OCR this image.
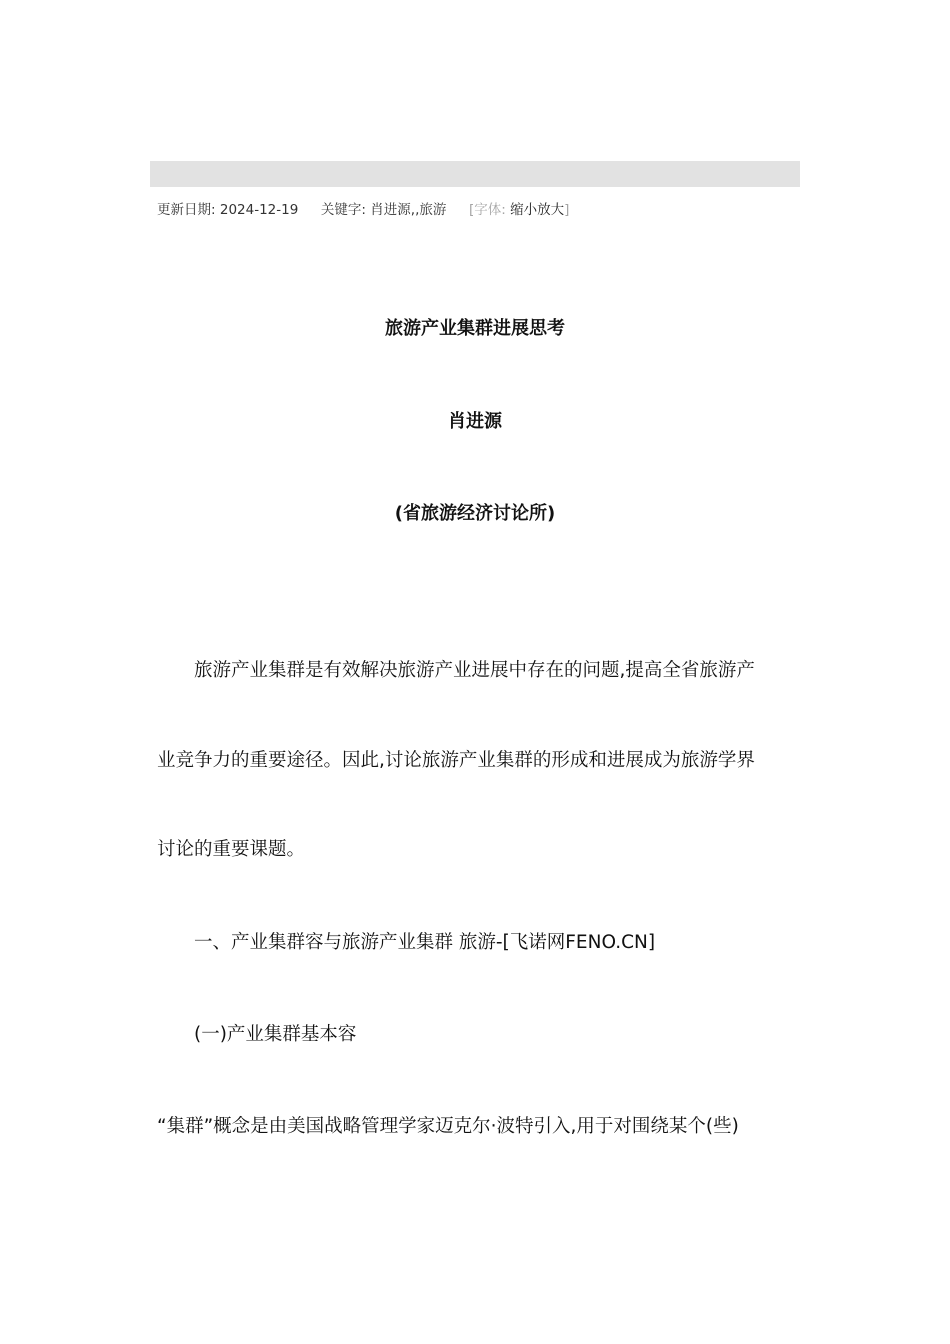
更新日期: 2024-12-19 关键字: 肖进源,,旅游 [字体: 缩小放大]
旅游产业集群进展思考
肖进源
(省旅游经济讨论所)
旅游产业集群是有效解决旅游产业进展中存在的问题,提高全省旅游产
业竞争力的重要途径。因此,讨论旅游产业集群的形成和进展成为旅游学界
讨论的重要课题。
一、产业集群容与旅游产业集群 旅游-[飞诺网FENO.CN]
(一)产业集群基本容
“集群”概念是由美国战略管理学家迈克尔·波特引入,用于对围绕某个(些)
